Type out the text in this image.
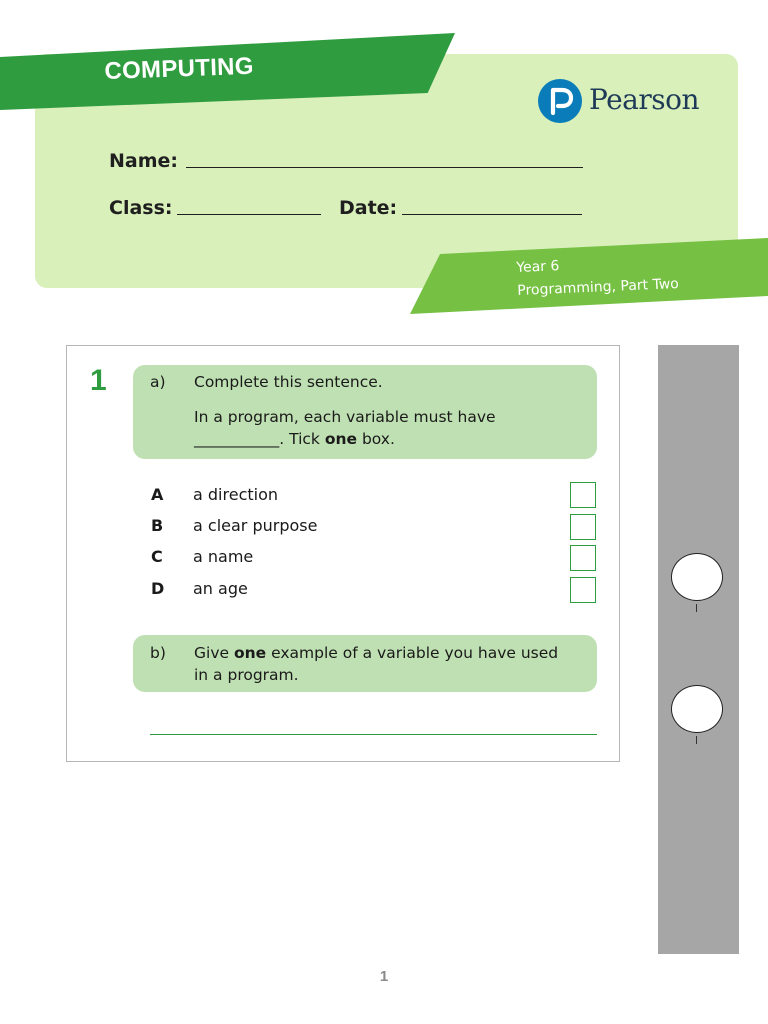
COMPUTING
Pearson
Name:
Class:	Date:
Year 6
Programming, Part Two
1	a) Complete this sentence.
In a program, each variable must have
___________. Tick one box.
A a direction
B a clear purpose
C a name
D an age
b) Give one example of a variable you have used
in a program.
1
